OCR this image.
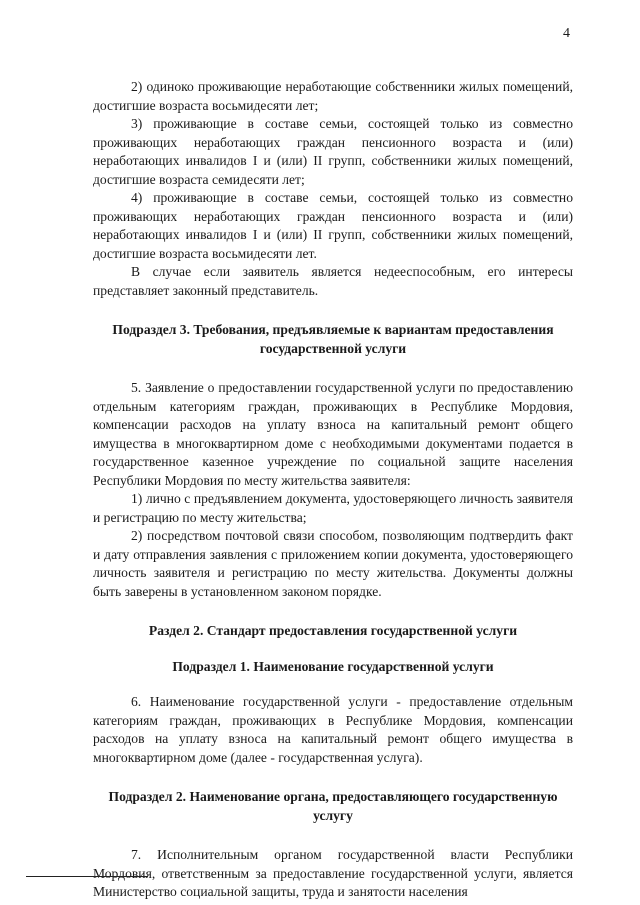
4

2) одиноко проживающие неработающие собственники жилых помещений, достигшие возраста восьмидесяти лет;

3) проживающие в составе семьи, состоящей только из совместно проживающих неработающих граждан пенсионного возраста и (или) неработающих инвалидов I и (или) II групп, собственники жилых помещений, достигшие возраста семидесяти лет;

4) проживающие в составе семьи, состоящей только из совместно проживающих неработающих граждан пенсионного возраста и (или) неработающих инвалидов I и (или) II групп, собственники жилых помещений, достигшие возраста восьмидесяти лет.

В случае если заявитель является недееспособным, его интересы представляет законный представитель.

Подраздел 3. Требования, предъявляемые к вариантам предоставления государственной услуги

5. Заявление о предоставлении государственной услуги по предоставлению отдельным категориям граждан, проживающих в Республике Мордовия, компенсации расходов на уплату взноса на капитальный ремонт общего имущества в многоквартирном доме с необходимыми документами подается в государственное казенное учреждение по социальной защите населения Республики Мордовия по месту жительства заявителя:

1) лично с предъявлением документа, удостоверяющего личность заявителя и регистрацию по месту жительства;

2) посредством почтовой связи способом, позволяющим подтвердить факт и дату отправления заявления с приложением копии документа, удостоверяющего личность заявителя и регистрацию по месту жительства. Документы должны быть заверены в установленном законом порядке.

Раздел 2. Стандарт предоставления государственной услуги

Подраздел 1. Наименование государственной услуги

6. Наименование государственной услуги - предоставление отдельным категориям граждан, проживающих в Республике Мордовия, компенсации расходов на уплату взноса на капитальный ремонт общего имущества в многоквартирном доме (далее - государственная услуга).

Подраздел 2. Наименование органа, предоставляющего государственную услугу

7. Исполнительным органом государственной власти Республики Мордовия, ответственным за предоставление государственной услуги, является Министерство социальной защиты, труда и занятости населения
